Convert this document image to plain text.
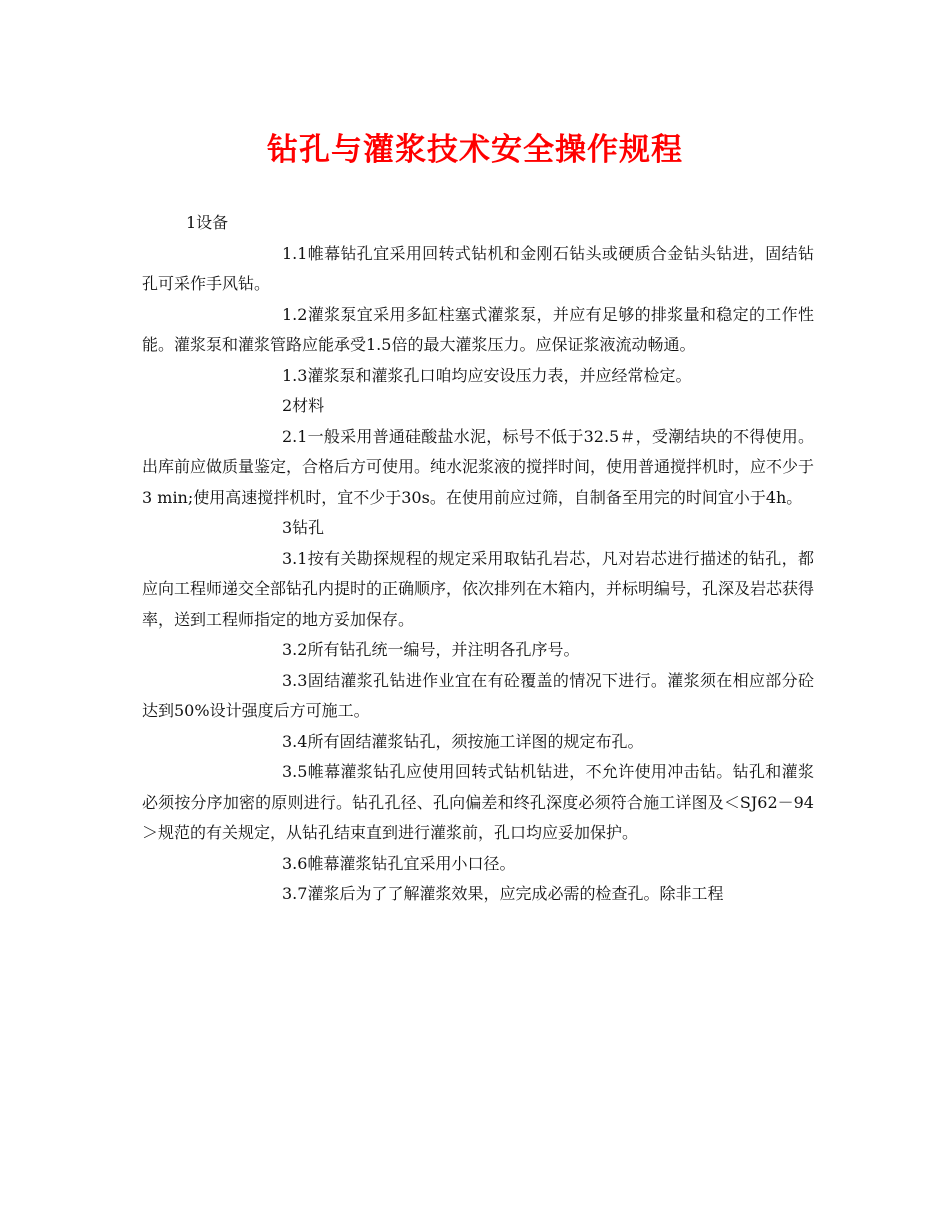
钻孔与灌浆技术安全操作规程

1设备

1.1帷幕钻孔宜采用回转式钻机和金刚石钻头或硬质合金钻头钻进，固结钻孔可采作手风钻。

1.2灌浆泵宜采用多缸柱塞式灌浆泵，并应有足够的排浆量和稳定的工作性能。灌浆泵和灌浆管路应能承受1.5倍的最大灌浆压力。应保证浆液流动畅通。

1.3灌浆泵和灌浆孔口咱均应安设压力表，并应经常检定。

2材料

2.1一般采用普通硅酸盐水泥，标号不低于32.5＃，受潮结块的不得使用。出库前应做质量鉴定，合格后方可使用。纯水泥浆液的搅拌时间，使用普通搅拌机时，应不少于3 min;使用高速搅拌机时，宜不少于30s。在使用前应过筛，自制备至用完的时间宜小于4h。

3钻孔

3.1按有关勘探规程的规定采用取钻孔岩芯，凡对岩芯进行描述的钻孔，都应向工程师递交全部钻孔内提时的正确顺序，依次排列在木箱内，并标明编号，孔深及岩芯获得率，送到工程师指定的地方妥加保存。

3.2所有钻孔统一编号，并注明各孔序号。

3.3固结灌浆孔钻进作业宜在有砼覆盖的情况下进行。灌浆须在相应部分砼达到50%设计强度后方可施工。

3.4所有固结灌浆钻孔，须按施工详图的规定布孔。

3.5帷幕灌浆钻孔应使用回转式钻机钻进，不允许使用冲击钻。钻孔和灌浆必须按分序加密的原则进行。钻孔孔径、孔向偏差和终孔深度必须符合施工详图及＜SJ62－94＞规范的有关规定，从钻孔结束直到进行灌浆前，孔口均应妥加保护。

3.6帷幕灌浆钻孔宜采用小口径。

3.7灌浆后为了了解灌浆效果，应完成必需的检查孔。除非工程
